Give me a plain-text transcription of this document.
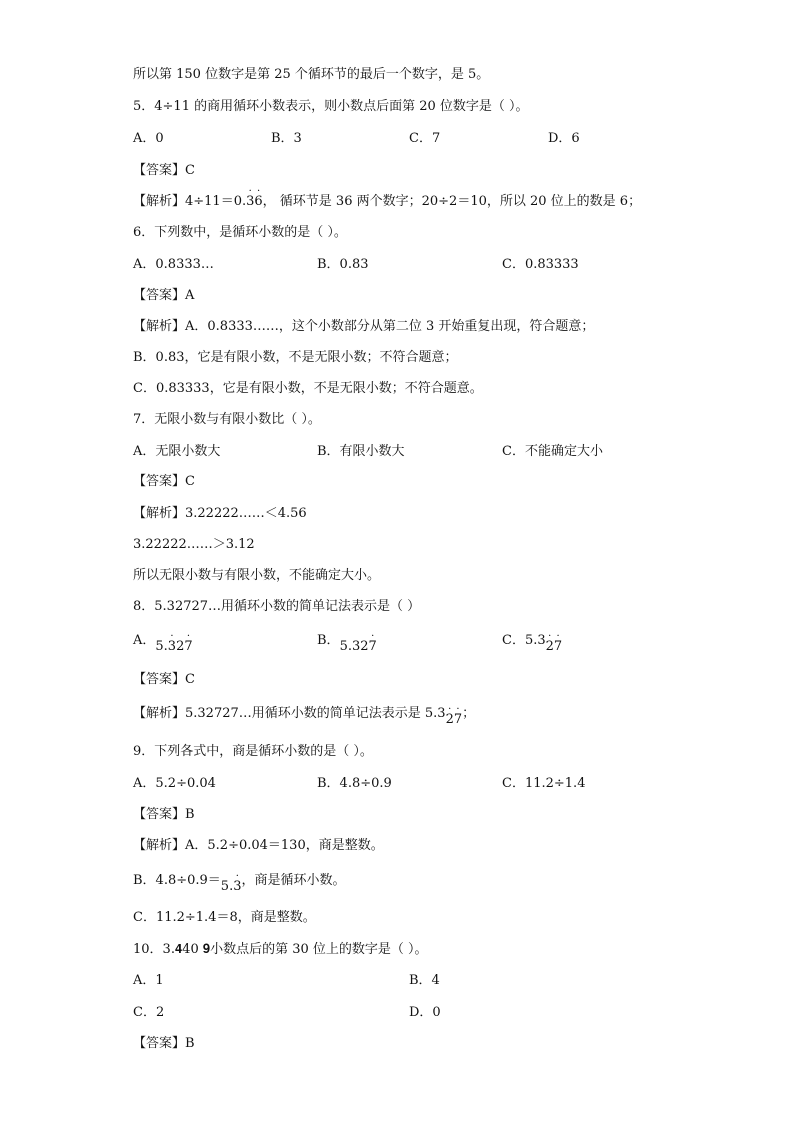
所以第 150 位数字是第 25 个循环节的最后一个数字，是 5。
5．4÷11 的商用循环小数表示，则小数点后面第 20 位数字是（ ）。
A．0	B．3	C．7	D．6
【答案】C
【解析】4÷11＝0.
·
3
·
6， 循环节是 36 两个数字；20÷2＝10，所以 20 位上的数是 6；
6．下列数中，是循环小数的是（ ）。
A．0.8333…	B．0.83	C．0.83333
【答案】A
【解析】A．0.8333……，这个小数部分从第二位 3 开始重复出现，符合题意；
B．0.83，它是有限小数，不是无限小数；不符合题意；
C．0.83333，它是有限小数，不是无限小数；不符合题意。
7．无限小数与有限小数比（ ）。
A．无限小数大	B．有限小数大	C．不能确定大小
【答案】C
【解析】3.22222……＜4.56
3.22222……＞3.12
所以无限小数与有限小数，不能确定大小。
8．5.32727…用循环小数的简单记法表示是（ ）
A．5.
·
32
·
7	B．5.32
·
7	C．5.3 ·
2
·
7
【答案】C
【解析】5.32727…用循环小数的简单记法表示是 5.3 ·
2
·
7；
9．下列各式中，商是循环小数的是（ ）。
A．5.2÷0.04	B．4.8÷0.9	C．11.2÷1.4
【答案】B
【解析】A．5.2÷0.04＝130，商是整数。
B．4.8÷0.9＝5.
·
3，商是循环小数。
C．11.2÷1.4＝8，商是整数。
10．3.𝟒40 𝟗小数点后的第 30 位上的数字是（ ）。
A．1	B．4
C．2	D．0
【答案】B
